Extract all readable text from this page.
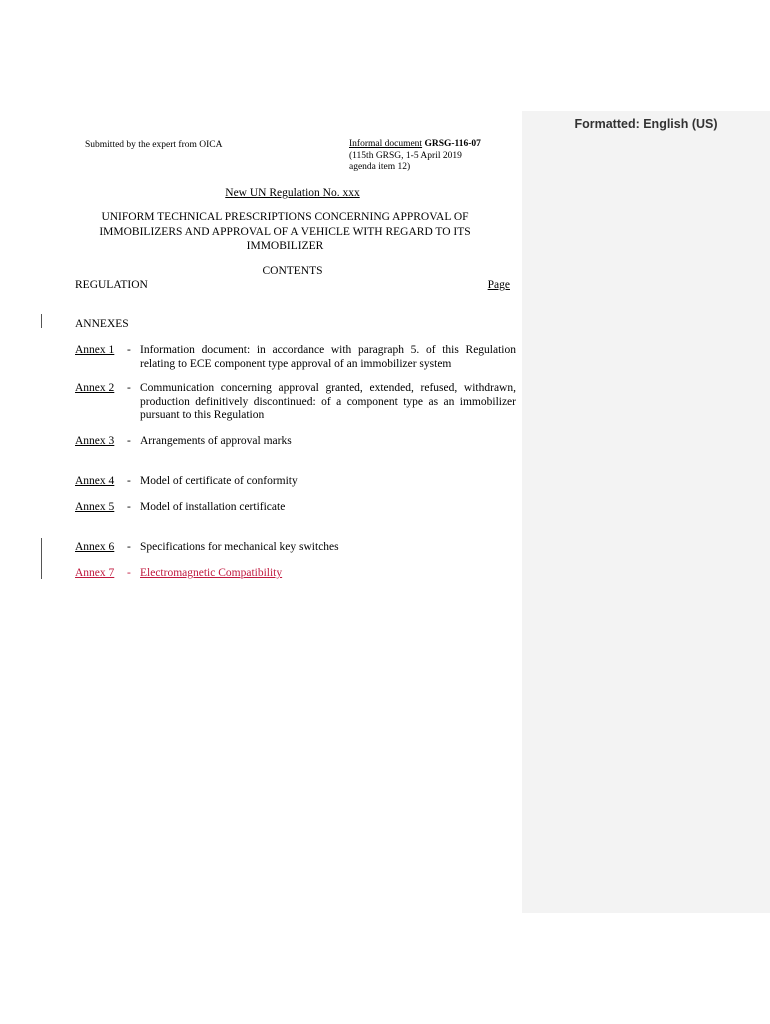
Formatted: English (US)
Submitted by the expert from OICA	Informal document GRSG-116-07
(115th GRSG, 1-5 April 2019
agenda item 12)
New UN Regulation No. xxx
UNIFORM TECHNICAL PRESCRIPTIONS CONCERNING APPROVAL OF IMMOBILIZERS AND APPROVAL OF A VEHICLE WITH REGARD TO ITS IMMOBILIZER
CONTENTS
REGULATION	Page
ANNEXES
Annex 1 - Information document: in accordance with paragraph 5. of this Regulation relating to ECE component type approval of an immobilizer system
Annex 2 - Communication concerning approval granted, extended, refused, withdrawn, production definitively discontinued: of a component type as an immobilizer pursuant to this Regulation
Annex 3 - Arrangements of approval marks
Annex 4 - Model of certificate of conformity
Annex 5 - Model of installation certificate
Annex 6 - Specifications for mechanical key switches
Annex 7 - Electromagnetic Compatibility
